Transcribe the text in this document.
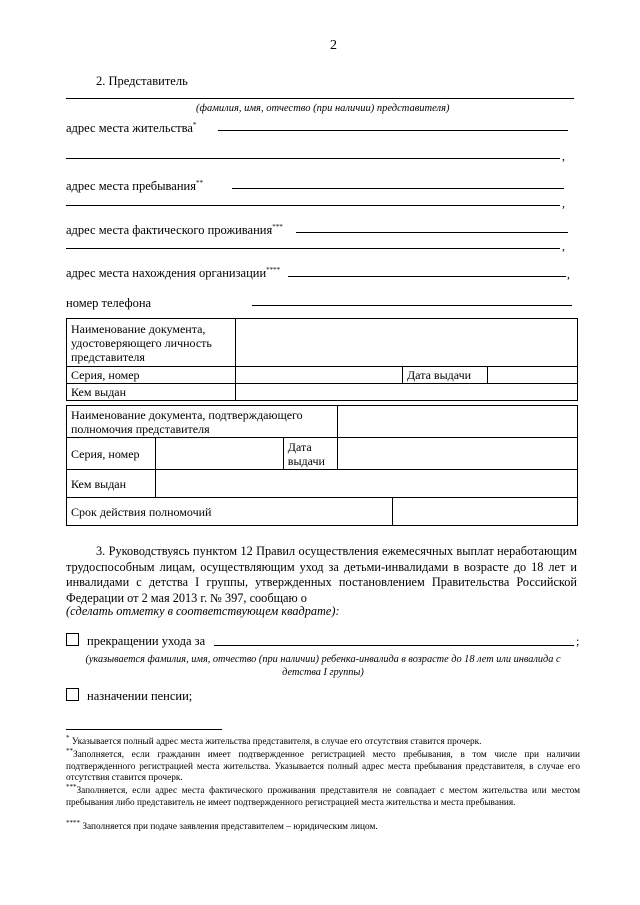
2
2. Представитель
(фамилия, имя, отчество (при наличии) представителя)
адрес места жительства*
,
адрес места пребывания**
,
адрес места фактического проживания***
,
адрес места нахождения организации****	,
номер телефона
Наименование документа, удостоверяющего личность представителя			
Серия, номер		Дата выдачи	
Кем выдан			
Наименование документа, подтверждающего полномочия представителя				
Серия, номер		Дата выдачи		
Кем выдан				
Срок действия полномочий				
3. Руководствуясь пунктом 12 Правил осуществления ежемесячных выплат неработающим трудоспособным лицам, осуществляющим уход за детьми-инвалидами в возрасте до 18 лет и инвалидами с детства I группы, утвержденных постановлением Правительства Российской Федерации от 2 мая 2013 г. № 397, сообщаю о
(сделать отметку в соответствующем квадрате):
прекращении ухода за	;
(указывается фамилия, имя, отчество (при наличии) ребенка-инвалида в возрасте до 18 лет или инвалида с детства I группы)
назначении пенсии;
* Указывается полный адрес места жительства представителя, в случае его отсутствия ставится прочерк.
**Заполняется, если гражданин имеет подтвержденное регистрацией место пребывания, в том числе при наличии подтвержденного регистрацией места жительства. Указывается полный адрес места пребывания представителя, в случае его отсутствия ставится прочерк.
***Заполняется, если адрес места фактического проживания представителя не совпадает с местом жительства или местом пребывания либо представитель не имеет подтвержденного регистрацией места жительства и места пребывания.
**** Заполняется при подаче заявления представителем – юридическим лицом.
